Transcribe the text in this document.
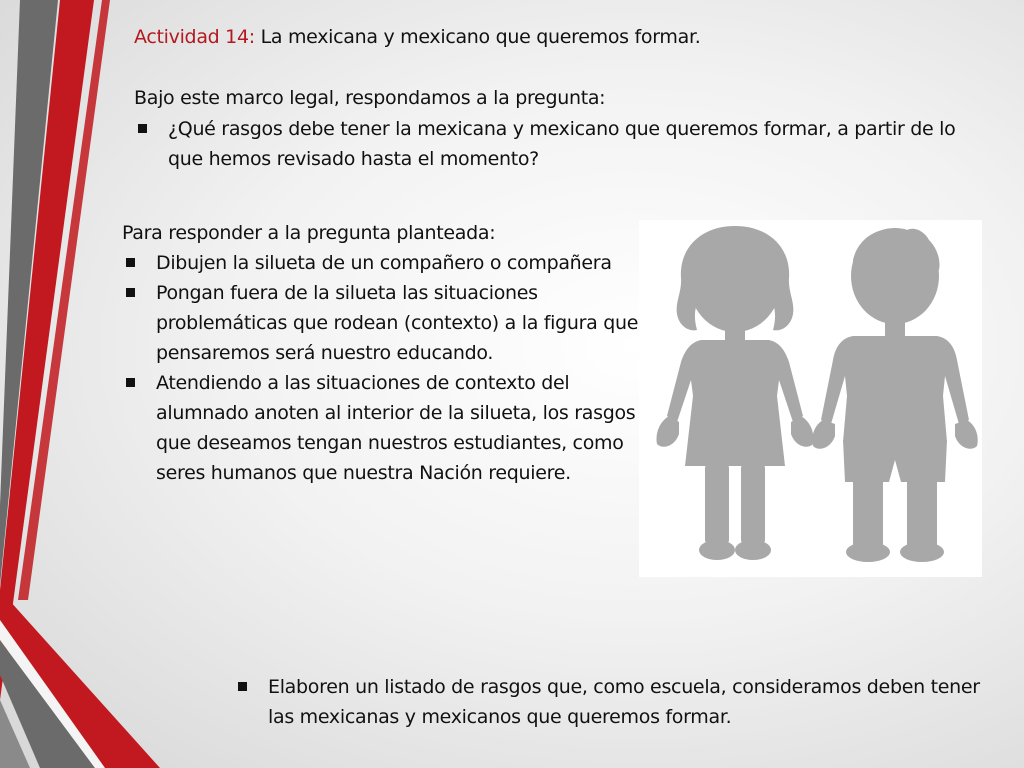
Actividad 14: La mexicana y mexicano que queremos formar.
Bajo este marco legal, respondamos a la pregunta:
¿Qué rasgos debe tener la mexicana y mexicano que queremos formar, a partir de lo que hemos revisado hasta el momento?
Para responder a la pregunta planteada:
Dibujen la silueta de un compañero o compañera
Pongan fuera de la silueta las situaciones problemáticas que rodean (contexto) a la figura que pensaremos será nuestro educando.
Atendiendo a las situaciones de contexto del alumnado anoten al interior de la silueta, los rasgos que deseamos tengan nuestros estudiantes, como seres humanos que nuestra Nación requiere.
Elaboren un listado de rasgos que, como escuela, consideramos deben tener las mexicanas y mexicanos que queremos formar.
